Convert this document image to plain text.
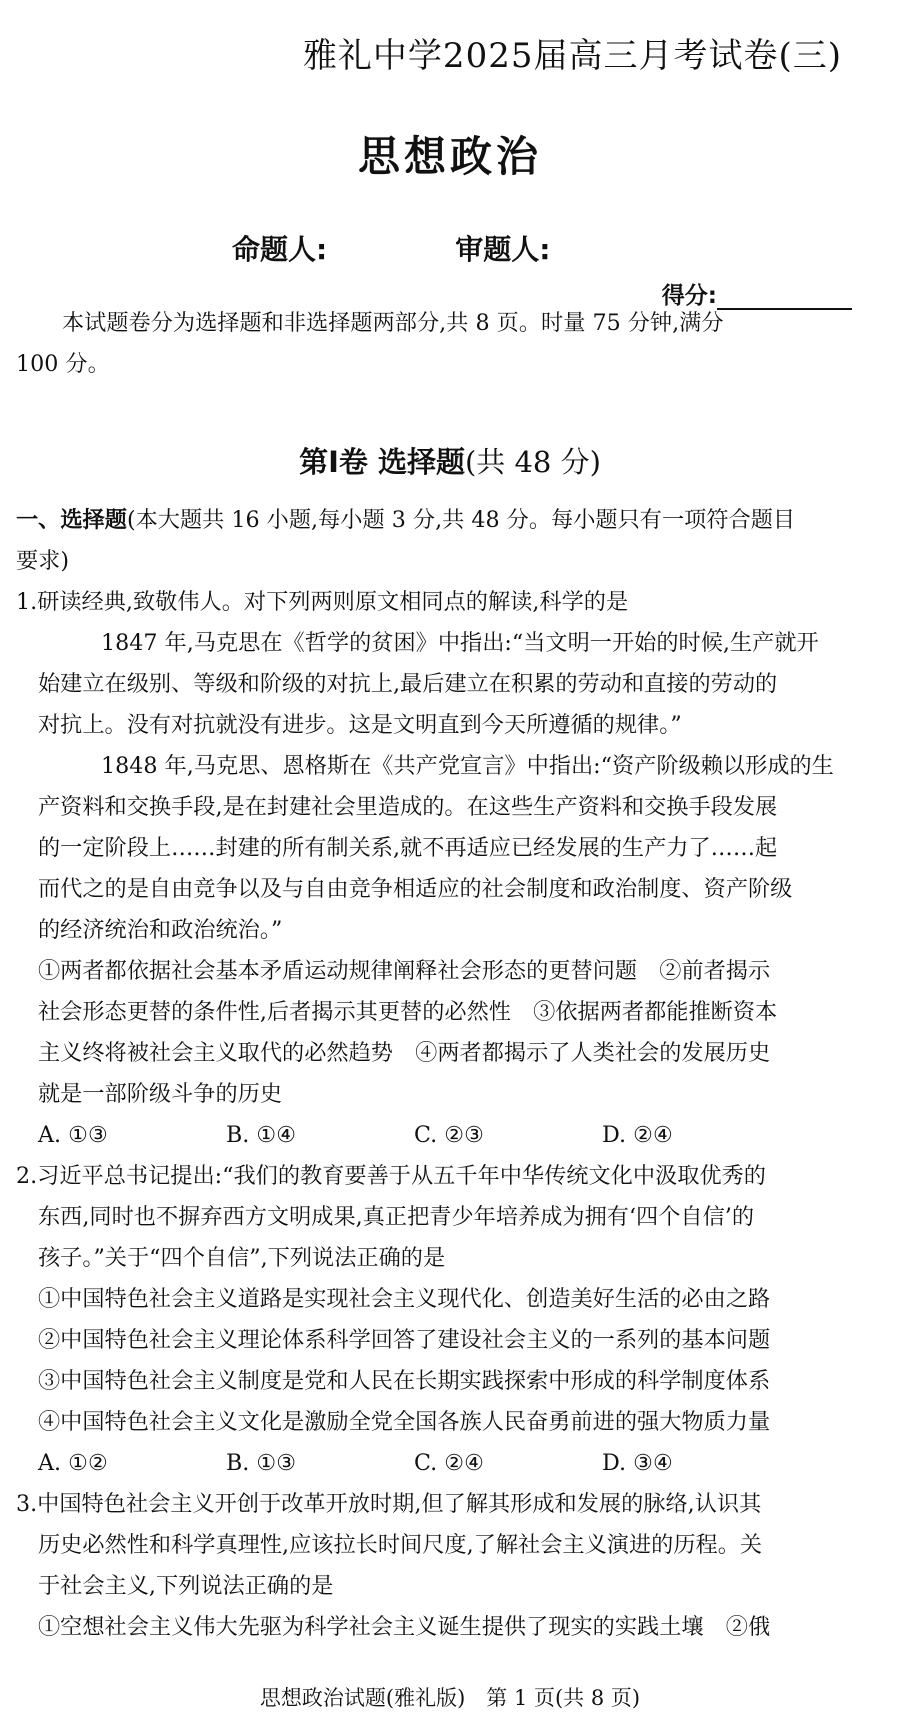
雅礼中学2025届高三月考试卷(三)
思想政治
命题人:	审题人:
得分:

本试题卷分为选择题和非选择题两部分,共 8 页。时量 75 分钟,满分

100 分。

第Ⅰ卷 选择题(共 48 分)

一、选择题(本大题共 16 小题,每小题 3 分,共 48 分。每小题只有一项符合题目

要求)

1.研读经典,致敬伟人。对下列两则原文相同点的解读,科学的是

1847 年,马克思在《哲学的贫困》中指出:“当文明一开始的时候,生产就开

始建立在级别、等级和阶级的对抗上,最后建立在积累的劳动和直接的劳动的

对抗上。没有对抗就没有进步。这是文明直到今天所遵循的规律。”

1848 年,马克思、恩格斯在《共产党宣言》中指出:“资产阶级赖以形成的生

产资料和交换手段,是在封建社会里造成的。在这些生产资料和交换手段发展

的一定阶段上……封建的所有制关系,就不再适应已经发展的生产力了……起

而代之的是自由竞争以及与自由竞争相适应的社会制度和政治制度、资产阶级

的经济统治和政治统治。”

①两者都依据社会基本矛盾运动规律阐释社会形态的更替问题　②前者揭示

社会形态更替的条件性,后者揭示其更替的必然性　③依据两者都能推断资本

主义终将被社会主义取代的必然趋势　④两者都揭示了人类社会的发展历史

就是一部阶级斗争的历史

A. ①③	B. ①④	C. ②③	D. ②④

2.习近平总书记提出:“我们的教育要善于从五千年中华传统文化中汲取优秀的

东西,同时也不摒弃西方文明成果,真正把青少年培养成为拥有‘四个自信’的

孩子。”关于“四个自信”,下列说法正确的是

①中国特色社会主义道路是实现社会主义现代化、创造美好生活的必由之路

②中国特色社会主义理论体系科学回答了建设社会主义的一系列的基本问题

③中国特色社会主义制度是党和人民在长期实践探索中形成的科学制度体系

④中国特色社会主义文化是激励全党全国各族人民奋勇前进的强大物质力量

A. ①②	B. ①③	C. ②④	D. ③④

3.中国特色社会主义开创于改革开放时期,但了解其形成和发展的脉络,认识其

历史必然性和科学真理性,应该拉长时间尺度,了解社会主义演进的历程。关

于社会主义,下列说法正确的是

①空想社会主义伟大先驱为科学社会主义诞生提供了现实的实践土壤　②俄

思想政治试题(雅礼版)　第 1 页(共 8 页)
